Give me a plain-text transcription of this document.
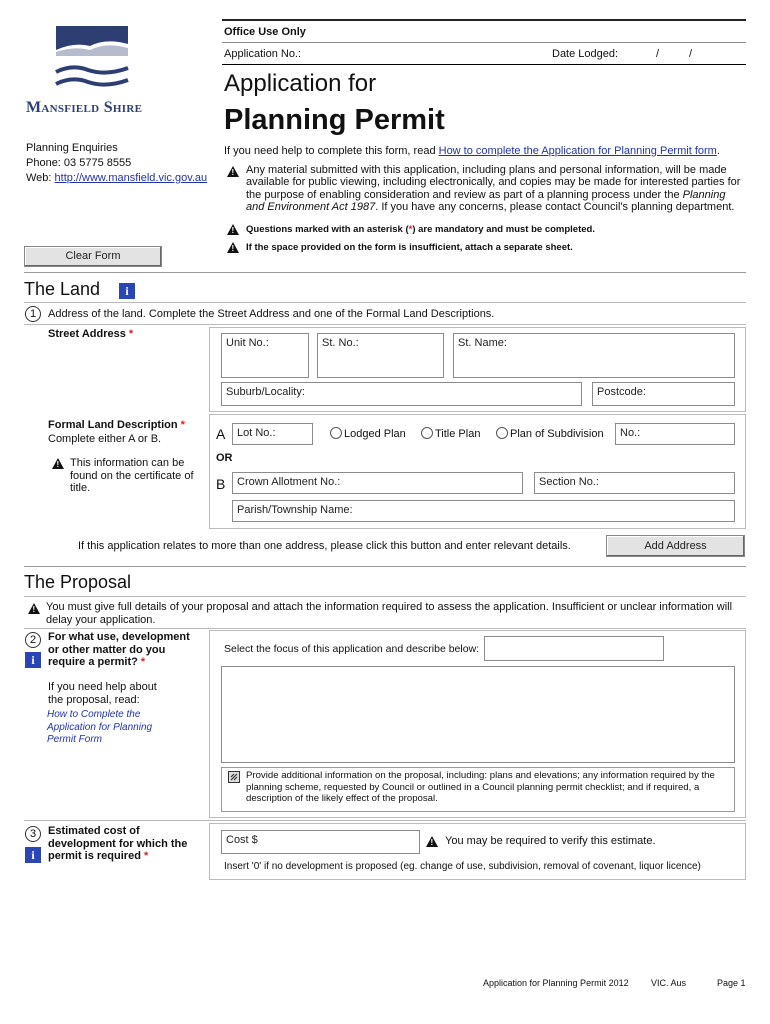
Mansfield Shire
Planning Enquiries
Phone: 03 5775 8555
Web: http://www.mansfield.vic.gov.au
Clear Form
Office Use Only
Application No.:	Date Lodged:	/	/
Application for
Planning Permit
If you need help to complete this form, read How to complete the Application for Planning Permit form.
!
Any material submitted with this application, including plans and personal information, will be made available for public viewing, including electronically, and copies may be made for interested parties for the purpose of enabling consideration and review as part of a planning process under the Planning and Environment Act 1987. If you have any concerns, please contact Council's planning department.
!
Questions marked with an asterisk (*) are mandatory and must be completed.
!
If the space provided on the form is insufficient, attach a separate sheet.
The Land	i
1	Address of the land. Complete the Street Address and one of the Formal Land Descriptions.
Street Address *
Unit No.:	St. No.:	St. Name:
Suburb/Locality:	Postcode:
Formal Land Description *
Complete either A or B.
!
This information can be found on the certificate of title.
A	Lot No.:	Lodged Plan	Title Plan	Plan of Subdivision	No.:
OR
B	Crown Allotment No.:	Section No.:
Parish/Township Name:
If this application relates to more than one address, please click this button and enter relevant details.	Add Address
The Proposal
!
You must give full details of your proposal and attach the information required to assess the application. Insufficient or unclear information will delay your application.
2
i
For what use, development or other matter do you require a permit? *
If you need help about the proposal, read:
How to Complete the Application for Planning Permit Form
Select the focus of this application and describe below:
Provide additional information on the proposal, including: plans and elevations; any information required by the planning scheme, requested by Council or outlined in a Council planning permit checklist; and if required, a description of the likely effect of the proposal.
3
i
Estimated cost of development for which the permit is required *
Cost $
!	You may be required to verify this estimate.
Insert '0' if no development is proposed (eg. change of use, subdivision, removal of covenant, liquor licence)
Application for Planning Permit 2012 VIC. Aus	Page 1
